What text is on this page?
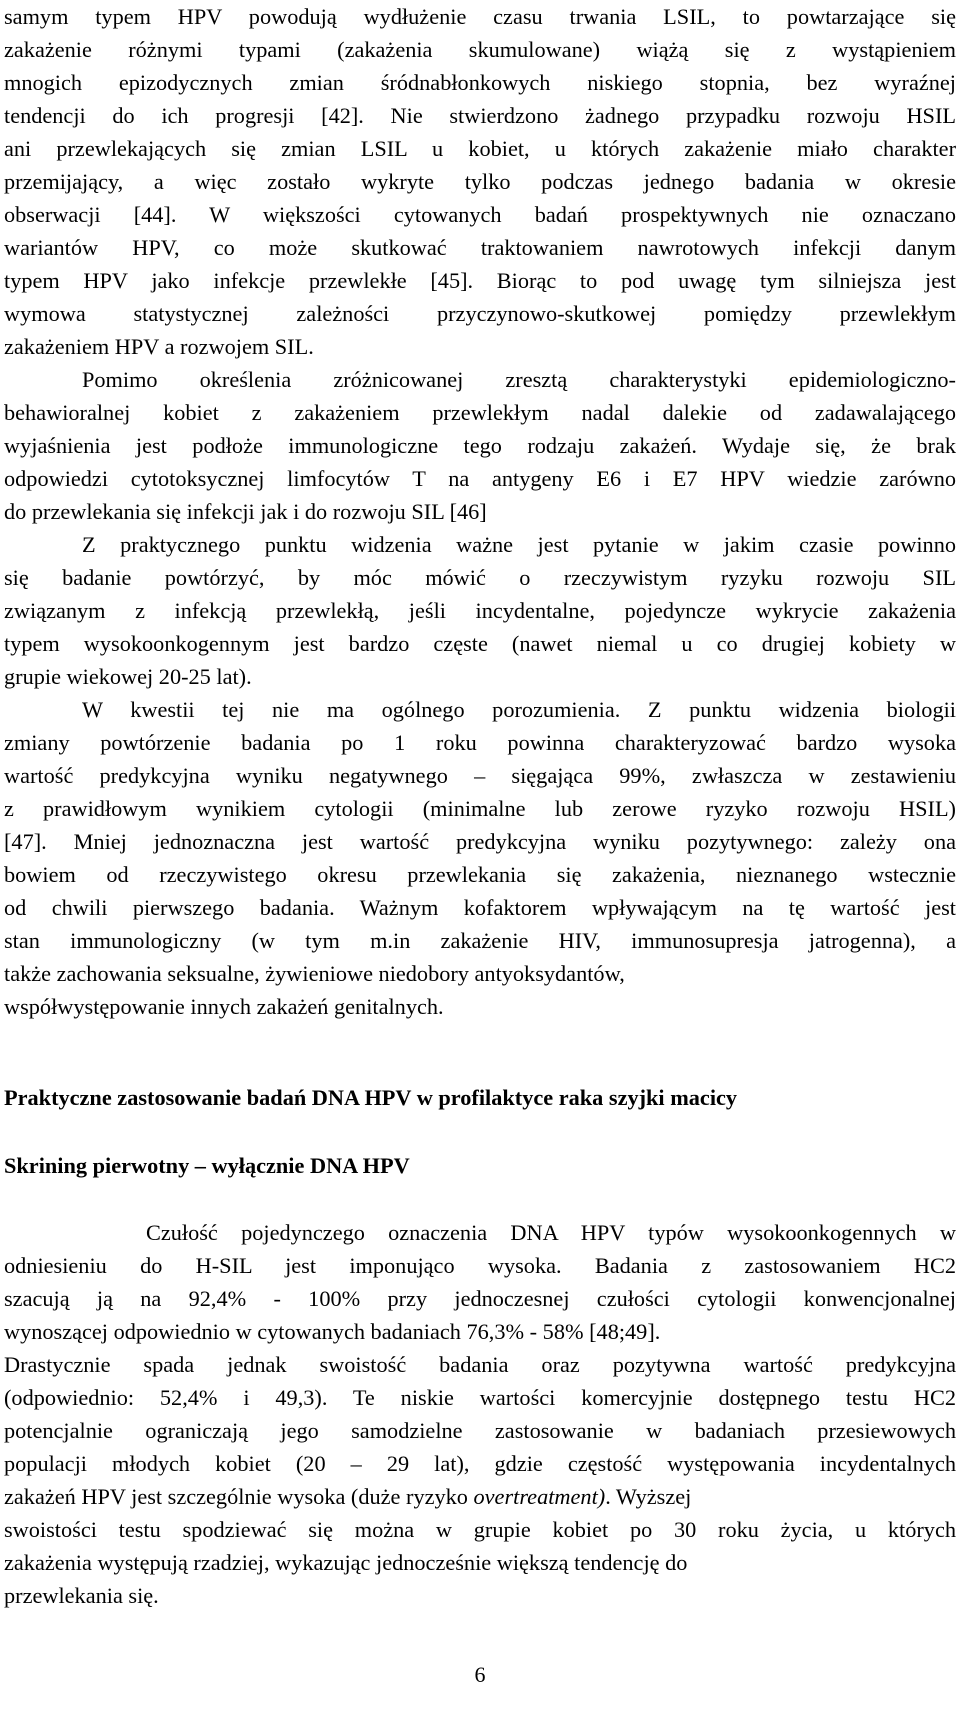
samym typem HPV powodują wydłużenie czasu trwania LSIL, to powtarzające się
zakażenie różnymi typami (zakażenia skumulowane) wiążą się z wystąpieniem
mnogich epizodycznych zmian śródnabłonkowych niskiego stopnia, bez wyraźnej
tendencji do ich progresji [42]. Nie stwierdzono żadnego przypadku rozwoju HSIL
ani przewlekających się zmian LSIL u kobiet, u których zakażenie miało charakter
przemijający, a więc zostało wykryte tylko podczas jednego badania w okresie
obserwacji [44]. W większości cytowanych badań prospektywnych nie oznaczano
wariantów HPV, co może skutkować traktowaniem nawrotowych infekcji danym
typem HPV jako infekcje przewlekłe [45]. Biorąc to pod uwagę tym silniejsza jest
wymowa statystycznej zależności przyczynowo-skutkowej pomiędzy przewlekłym
zakażeniem HPV a rozwojem SIL.
Pomimo określenia zróżnicowanej zresztą charakterystyki epidemiologiczno-
behawioralnej kobiet z zakażeniem przewlekłym nadal dalekie od zadawalającego
wyjaśnienia jest podłoże immunologiczne tego rodzaju zakażeń. Wydaje się, że brak
odpowiedzi cytotoksycznej limfocytów T na antygeny E6 i E7 HPV wiedzie zarówno
do przewlekania się infekcji jak i do rozwoju SIL [46]
Z praktycznego punktu widzenia ważne jest pytanie w jakim czasie powinno
się badanie powtórzyć, by móc mówić o rzeczywistym ryzyku rozwoju SIL
związanym z infekcją przewlekłą, jeśli incydentalne, pojedyncze wykrycie zakażenia
typem wysokoonkogennym jest bardzo częste (nawet niemal u co drugiej kobiety w
grupie wiekowej 20-25 lat).
W kwestii tej nie ma ogólnego porozumienia. Z punktu widzenia biologii
zmiany powtórzenie badania po 1 roku powinna charakteryzować bardzo wysoka
wartość predykcyjna wyniku negatywnego – sięgająca 99%, zwłaszcza w zestawieniu
z prawidłowym wynikiem cytologii (minimalne lub zerowe ryzyko rozwoju HSIL)
[47]. Mniej jednoznaczna jest wartość predykcyjna wyniku pozytywnego: zależy ona
bowiem od rzeczywistego okresu przewlekania się zakażenia, nieznanego wstecznie
od chwili pierwszego badania. Ważnym kofaktorem wpływającym na tę wartość jest
stan immunologiczny (w tym m.in zakażenie HIV, immunosupresja jatrogenna), a
także zachowania seksualne, żywieniowe niedobory antyoksydantów,
współwystępowanie innych zakażeń genitalnych.
Praktyczne zastosowanie badań DNA HPV w profilaktyce raka szyjki macicy
Skrining pierwotny – wyłącznie DNA HPV
Czułość pojedynczego oznaczenia DNA HPV typów wysokoonkogennych w
odniesieniu do H-SIL jest imponująco wysoka. Badania z zastosowaniem HC2
szacują ją na 92,4% - 100% przy jednoczesnej czułości cytologii konwencjonalnej
wynoszącej odpowiednio w cytowanych badaniach 76,3% - 58% [48;49].
Drastycznie spada jednak swoistość badania oraz pozytywna wartość predykcyjna
(odpowiednio: 52,4% i 49,3). Te niskie wartości komercyjnie dostępnego testu HC2
potencjalnie ograniczają jego samodzielne zastosowanie w badaniach przesiewowych
populacji młodych kobiet (20 – 29 lat), gdzie częstość występowania incydentalnych
zakażeń HPV jest szczególnie wysoka (duże ryzyko overtreatment). Wyższej
swoistości testu spodziewać się można w grupie kobiet po 30 roku życia, u których
zakażenia występują rzadziej, wykazując jednocześnie większą tendencję do
przewlekania się.
6
